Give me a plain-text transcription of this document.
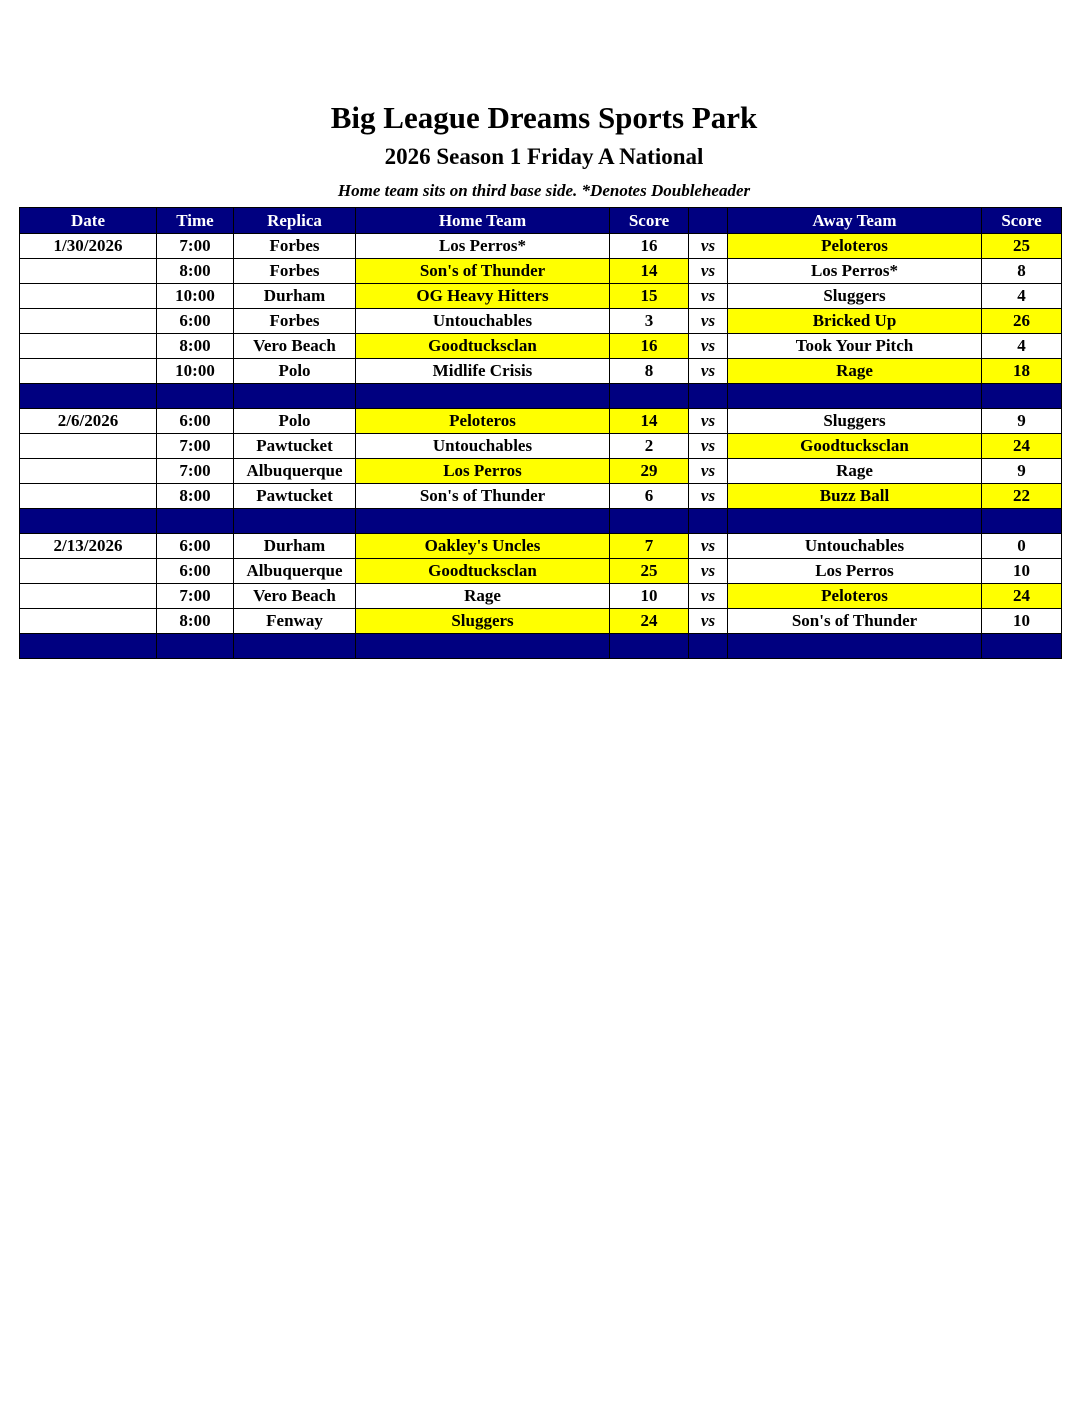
Big League Dreams Sports Park
2026 Season 1 Friday A National
Home team sits on third base side. *Denotes Doubleheader
Date	Time	Replica	Home Team	Score		Away Team	Score
1/30/2026	7:00	Forbes	Los Perros*	16	vs	Peloteros	25
	8:00	Forbes	Son's of Thunder	14	vs	Los Perros*	8
	10:00	Durham	OG Heavy Hitters	15	vs	Sluggers	4
	6:00	Forbes	Untouchables	3	vs	Bricked Up	26
	8:00	Vero Beach	Goodtucksclan	16	vs	Took Your Pitch	4
	10:00	Polo	Midlife Crisis	8	vs	Rage	18

2/6/2026	6:00	Polo	Peloteros	14	vs	Sluggers	9
	7:00	Pawtucket	Untouchables	2	vs	Goodtucksclan	24
	7:00	Albuquerque	Los Perros	29	vs	Rage	9
	8:00	Pawtucket	Son's of Thunder	6	vs	Buzz Ball	22

2/13/2026	6:00	Durham	Oakley's Uncles	7	vs	Untouchables	0
	6:00	Albuquerque	Goodtucksclan	25	vs	Los Perros	10
	7:00	Vero Beach	Rage	10	vs	Peloteros	24
	8:00	Fenway	Sluggers	24	vs	Son's of Thunder	10
